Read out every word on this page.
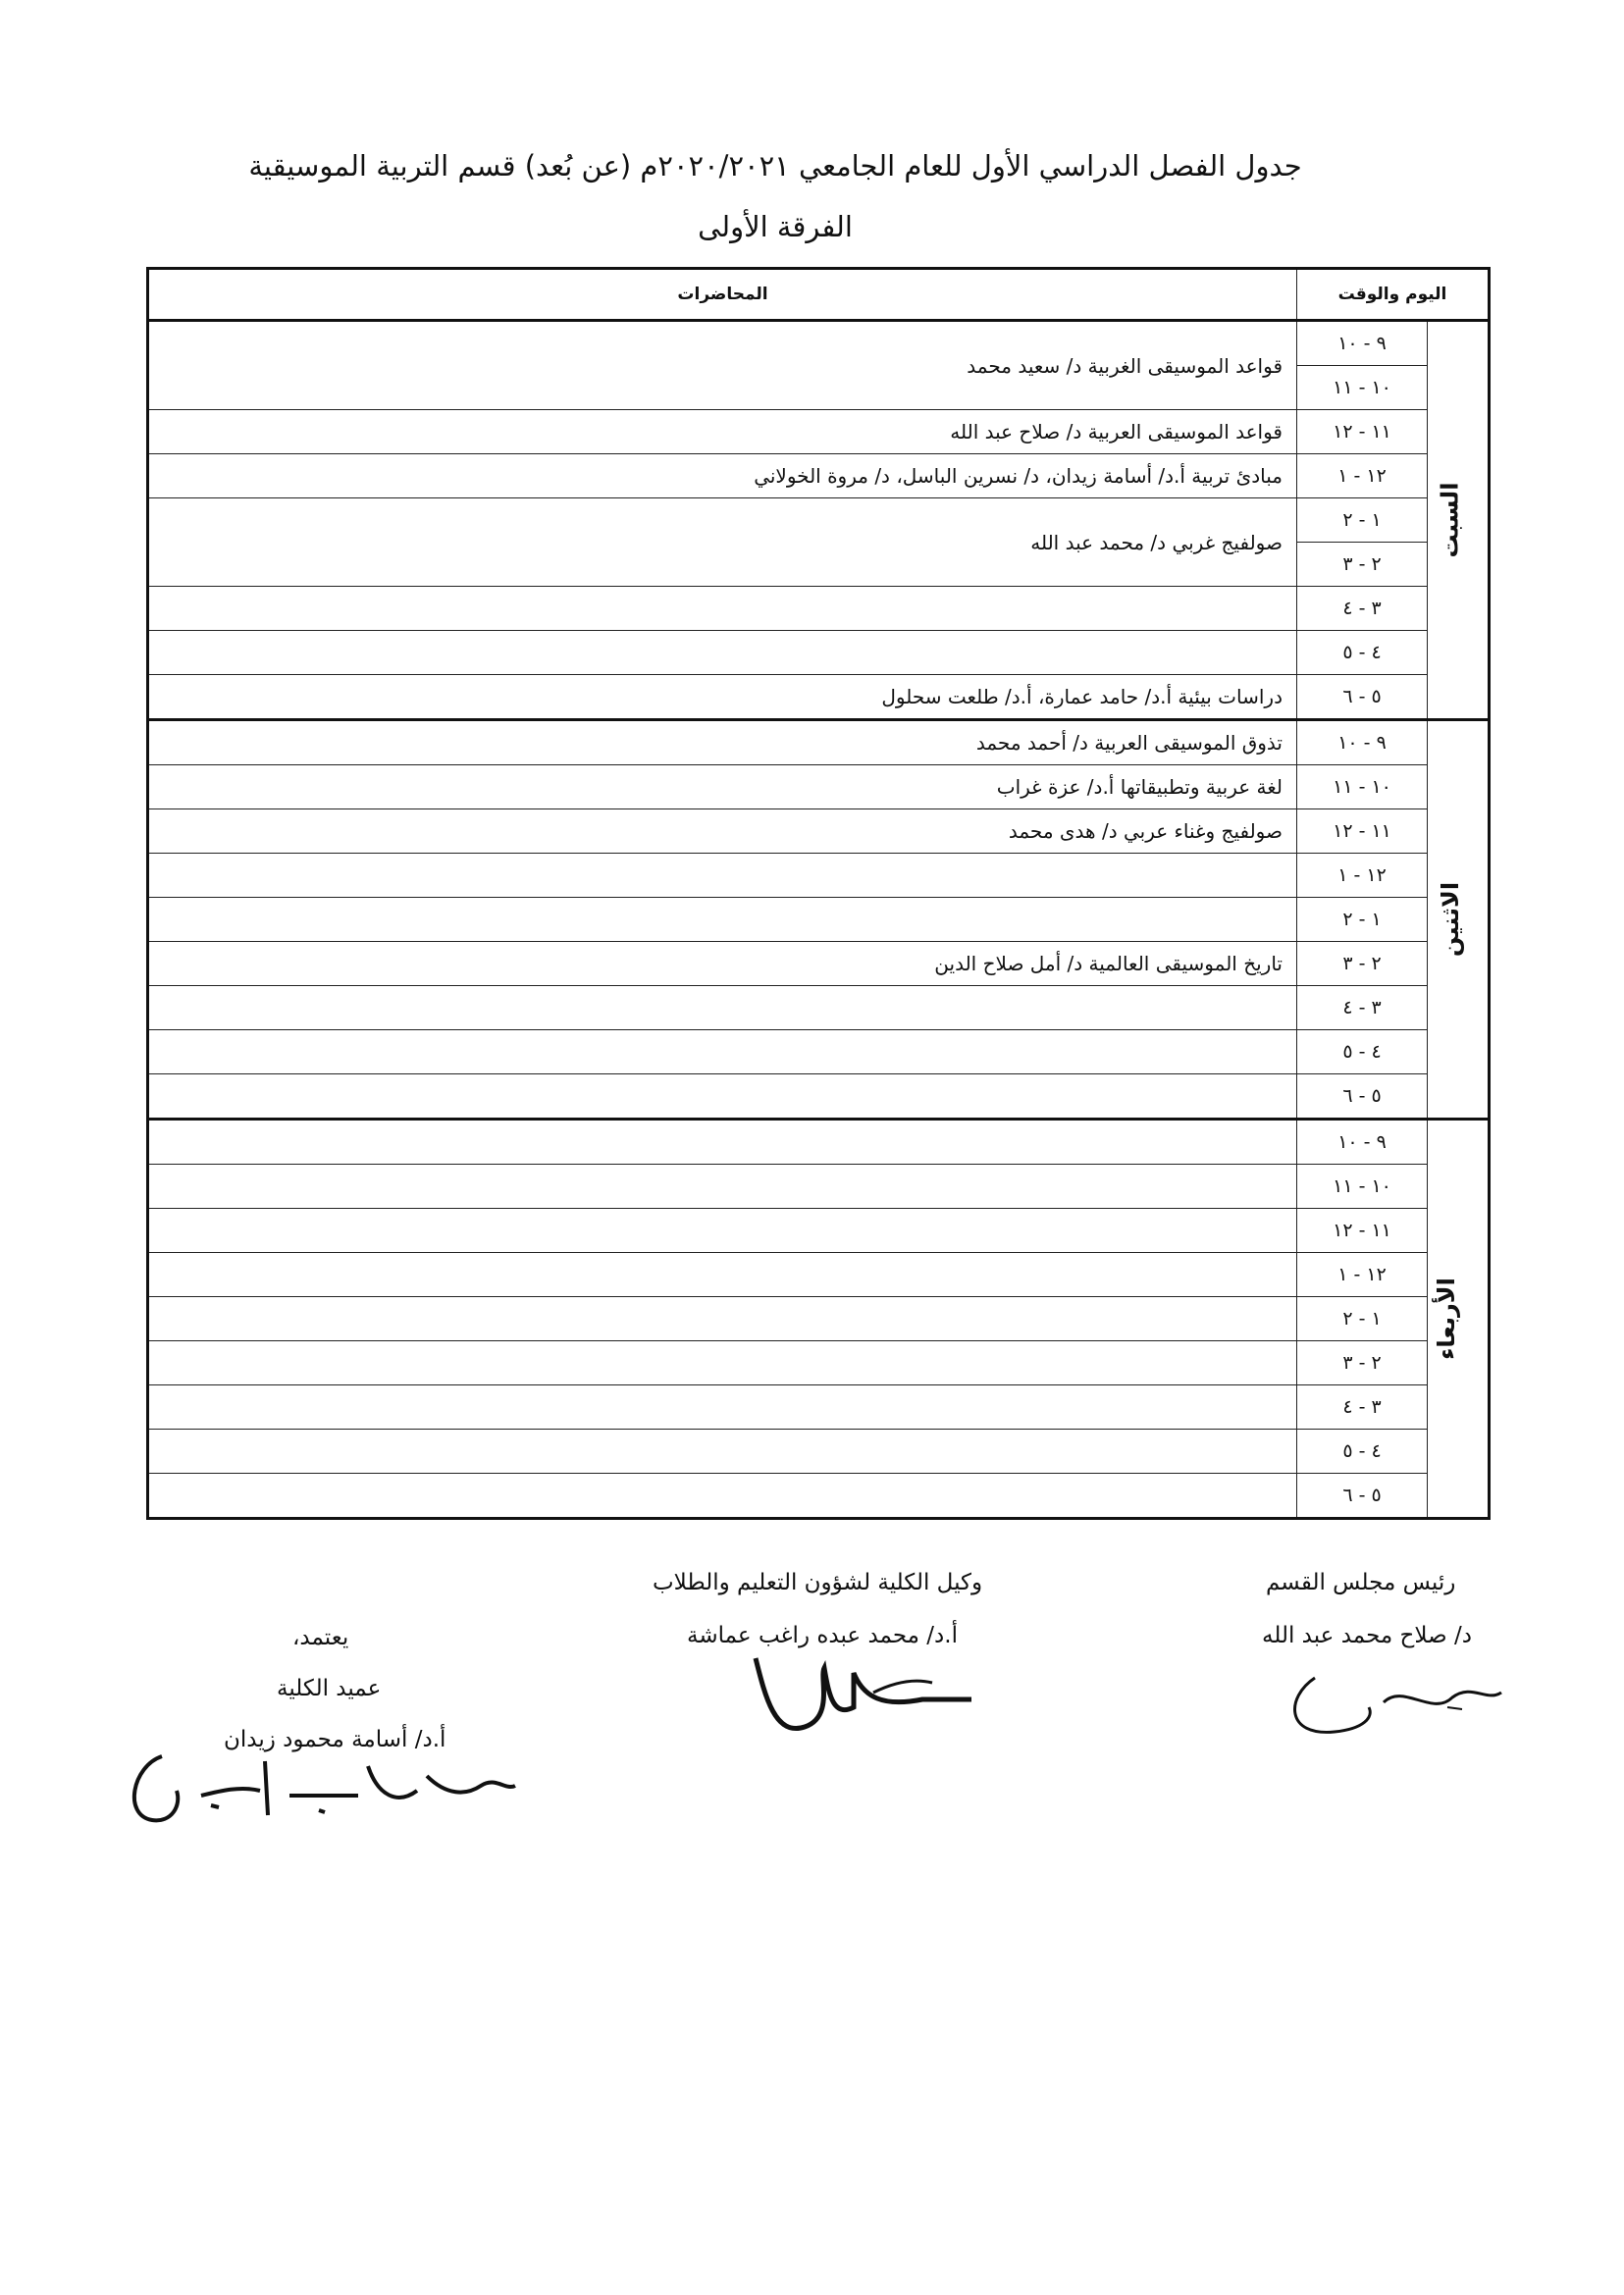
جدول الفصل الدراسي الأول للعام الجامعي ٢٠٢٠/٢٠٢١م (عن بُعد) قسم التربية الموسيقية
الفرقة الأولى
اليوم والوقت		المحاضرات
السبت	٩ - ١٠	قواعد الموسيقى الغربية د/ سعيد محمد
	١٠ - ١١	
	١١ - ١٢	قواعد الموسيقى العربية د/ صلاح عبد الله
	١٢ - ١	مبادئ تربية أ.د/ أسامة زيدان، د/ نسرين الباسل، د/ مروة الخولاني
	١ - ٢	صولفيج غربي د/ محمد عبد الله
	٢ - ٣	
	٣ - ٤	
	٤ - ٥	
	٥ - ٦	دراسات بيئية أ.د/ حامد عمارة، أ.د/ طلعت سحلول
الاثنين	٩ - ١٠	تذوق الموسيقى العربية د/ أحمد محمد
	١٠ - ١١	لغة عربية وتطبيقاتها أ.د/ عزة غراب
	١١ - ١٢	صولفيج وغناء عربي د/ هدى محمد
	١٢ - ١	
	١ - ٢	
	٢ - ٣	تاريخ الموسيقى العالمية د/ أمل صلاح الدين
	٣ - ٤	
	٤ - ٥	
	٥ - ٦	
الأربعاء	٩ - ١٠	
	١٠ - ١١	
	١١ - ١٢	
	١٢ - ١	
	١ - ٢	
	٢ - ٣	
	٣ - ٤	
	٤ - ٥	
	٥ - ٦	
رئيس مجلس القسم
د/ صلاح محمد عبد الله
وكيل الكلية لشؤون التعليم والطلاب
أ.د/ محمد عبده راغب عماشة
يعتمد،
عميد الكلية
أ.د/ أسامة محمود زيدان
